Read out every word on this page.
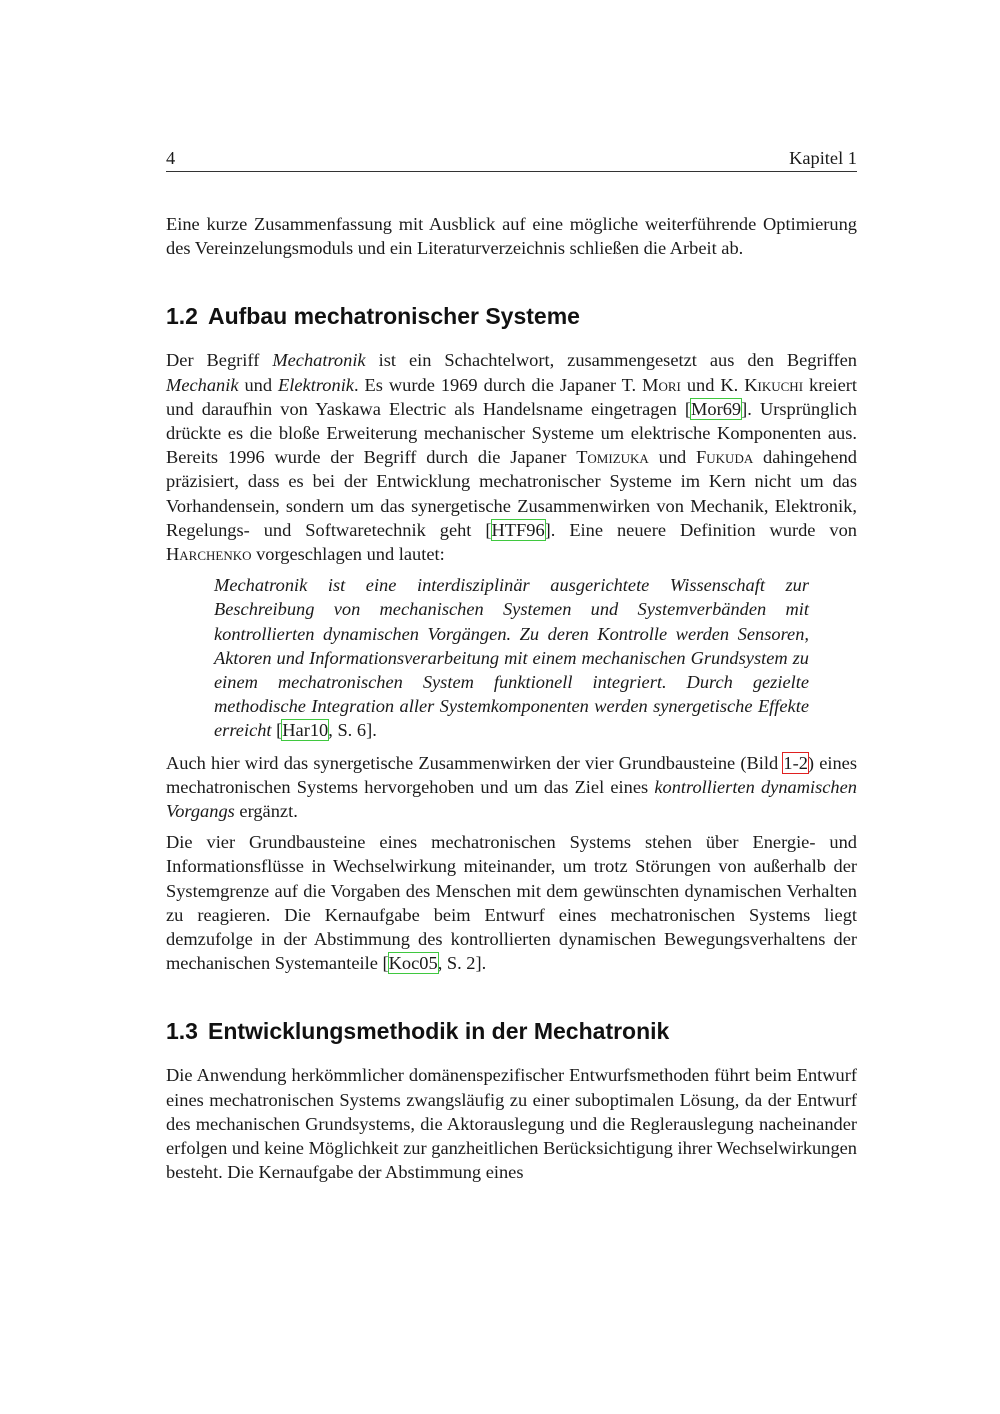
4	Kapitel 1

Eine kurze Zusammenfassung mit Ausblick auf eine mögliche weiterführende Optimierung des Vereinzelungsmoduls und ein Literaturverzeichnis schließen die Arbeit ab.

1.2 Aufbau mechatronischer Systeme

Der Begriff Mechatronik ist ein Schachtelwort, zusammengesetzt aus den Begriffen Mechanik und Elektronik. Es wurde 1969 durch die Japaner T. Mori und K. Kikuchi kreiert und daraufhin von Yaskawa Electric als Handelsname eingetragen [Mor69]. Ursprünglich drückte es die bloße Erweiterung mechanischer Systeme um elektrische Komponenten aus. Bereits 1996 wurde der Begriff durch die Japaner Tomizuka und Fukuda dahingehend präzisiert, dass es bei der Entwicklung mechatronischer Systeme im Kern nicht um das Vorhandensein, sondern um das synergetische Zusammenwirken von Mechanik, Elektronik, Regelungs- und Softwaretechnik geht [HTF96]. Eine neuere Definition wurde von Harchenko vorgeschlagen und lautet:

Mechatronik ist eine interdisziplinär ausgerichtete Wissenschaft zur Beschreibung von mechanischen Systemen und Systemverbänden mit kontrollierten dynamischen Vorgängen. Zu deren Kontrolle werden Sensoren, Aktoren und Informationsverarbeitung mit einem mechanischen Grundsystem zu einem mechatronischen System funktionell integriert. Durch gezielte methodische Integration aller Systemkomponenten werden synergetische Effekte erreicht [Har10, S. 6].

Auch hier wird das synergetische Zusammenwirken der vier Grundbausteine (Bild 1-2) eines mechatronischen Systems hervorgehoben und um das Ziel eines kontrollierten dynamischen Vorgangs ergänzt.

Die vier Grundbausteine eines mechatronischen Systems stehen über Energie- und Informationsflüsse in Wechselwirkung miteinander, um trotz Störungen von außerhalb der Systemgrenze auf die Vorgaben des Menschen mit dem gewünschten dynamischen Verhalten zu reagieren. Die Kernaufgabe beim Entwurf eines mechatronischen Systems liegt demzufolge in der Abstimmung des kontrollierten dynamischen Bewegungsverhaltens der mechanischen Systemanteile [Koc05, S. 2].

1.3 Entwicklungsmethodik in der Mechatronik

Die Anwendung herkömmlicher domänenspezifischer Entwurfsmethoden führt beim Entwurf eines mechatronischen Systems zwangsläufig zu einer suboptimalen Lösung, da der Entwurf des mechanischen Grundsystems, die Aktorauslegung und die Reglerauslegung nacheinander erfolgen und keine Möglichkeit zur ganzheitlichen Berücksichtigung ihrer Wechselwirkungen besteht. Die Kernaufgabe der Abstimmung eines
